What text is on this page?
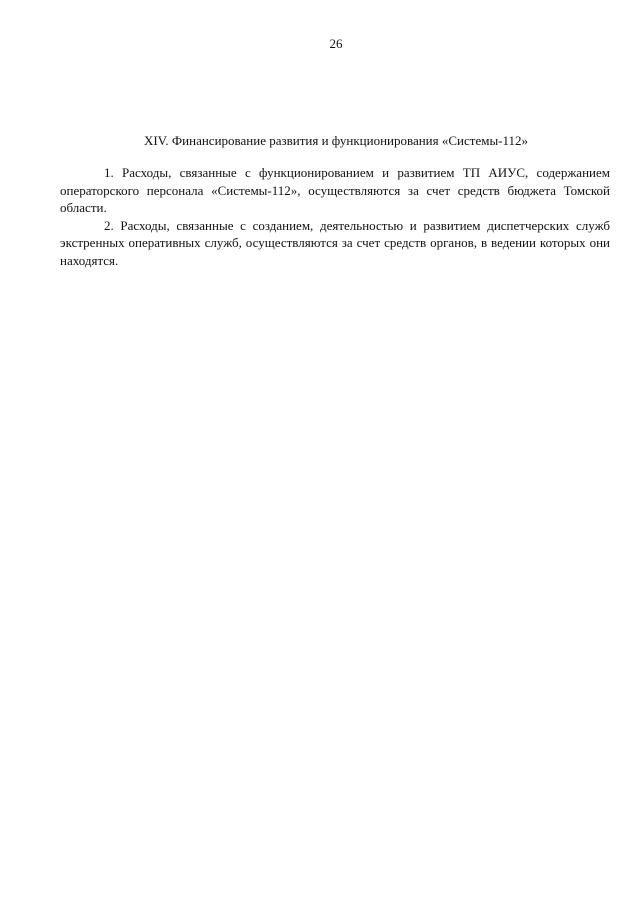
26
XIV. Финансирование развития и функционирования «Системы-112»

1. Расходы, связанные с функционированием и развитием ТП АИУС, содержанием операторского персонала «Системы-112», осуществляются за счет средств бюджета Томской области.

2. Расходы, связанные с созданием, деятельностью и развитием диспетчерских служб экстренных оперативных служб, осуществляются за счет средств органов, в ведении которых они находятся.
